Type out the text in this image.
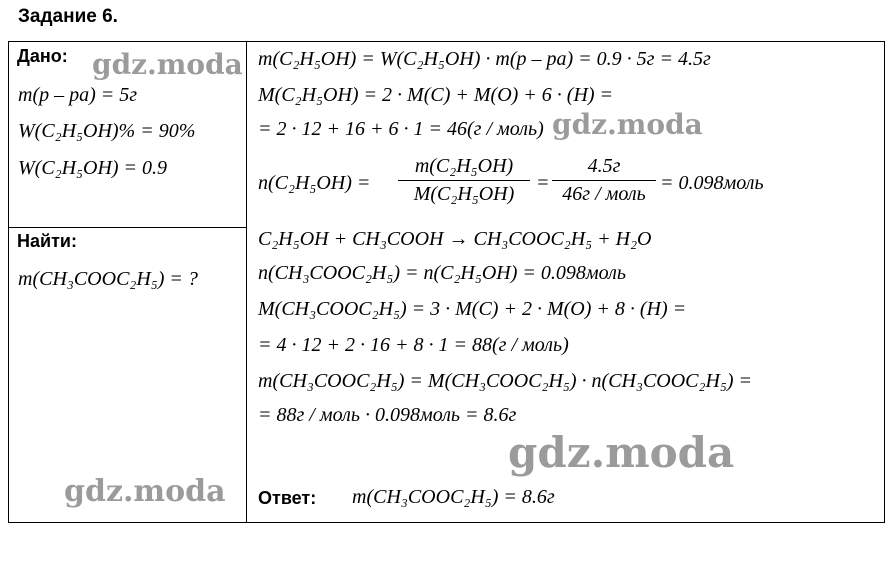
Задание 6.
Дано:
m(p – pa) = 5г
W(C₂H₅OH)% = 90%
W(C₂H₅OH) = 0.9
Найти:
m(CH₃COOC₂H₅) = ?
m(C₂H₅OH) = W(C₂H₅OH) · m(p – pa) = 0.9 · 5г = 4.5г
M(C₂H₅OH) = 2 · M(C) + M(O) + 6 · (H) =
= 2 · 12 + 16 + 6 · 1 = 46(г / моль)
n(C₂H₅OH) =
m(C₂H₅OH)
M(C₂H₅OH)	=
4.5г
46г / моль = 0.098моль
C₂H₅OH + CH₃COOH → CH₃COOC₂H₅ + H₂O
n(CH₃COOC₂H₅) = n(C₂H₅OH) = 0.098моль
M(CH₃COOC₂H₅) = 3 · M(C) + 2 · M(O) + 8 · (H) =
= 4 · 12 + 2 · 16 + 8 · 1 = 88(г / моль)
m(CH₃COOC₂H₅) = M(CH₃COOC₂H₅) · n(CH₃COOC₂H₅) =
= 88г / моль · 0.098моль = 8.6г
Ответ: m(CH₃COOC₂H₅) = 8.6г
gdz.moda
gdz.moda
gdz.moda
gdz.moda
